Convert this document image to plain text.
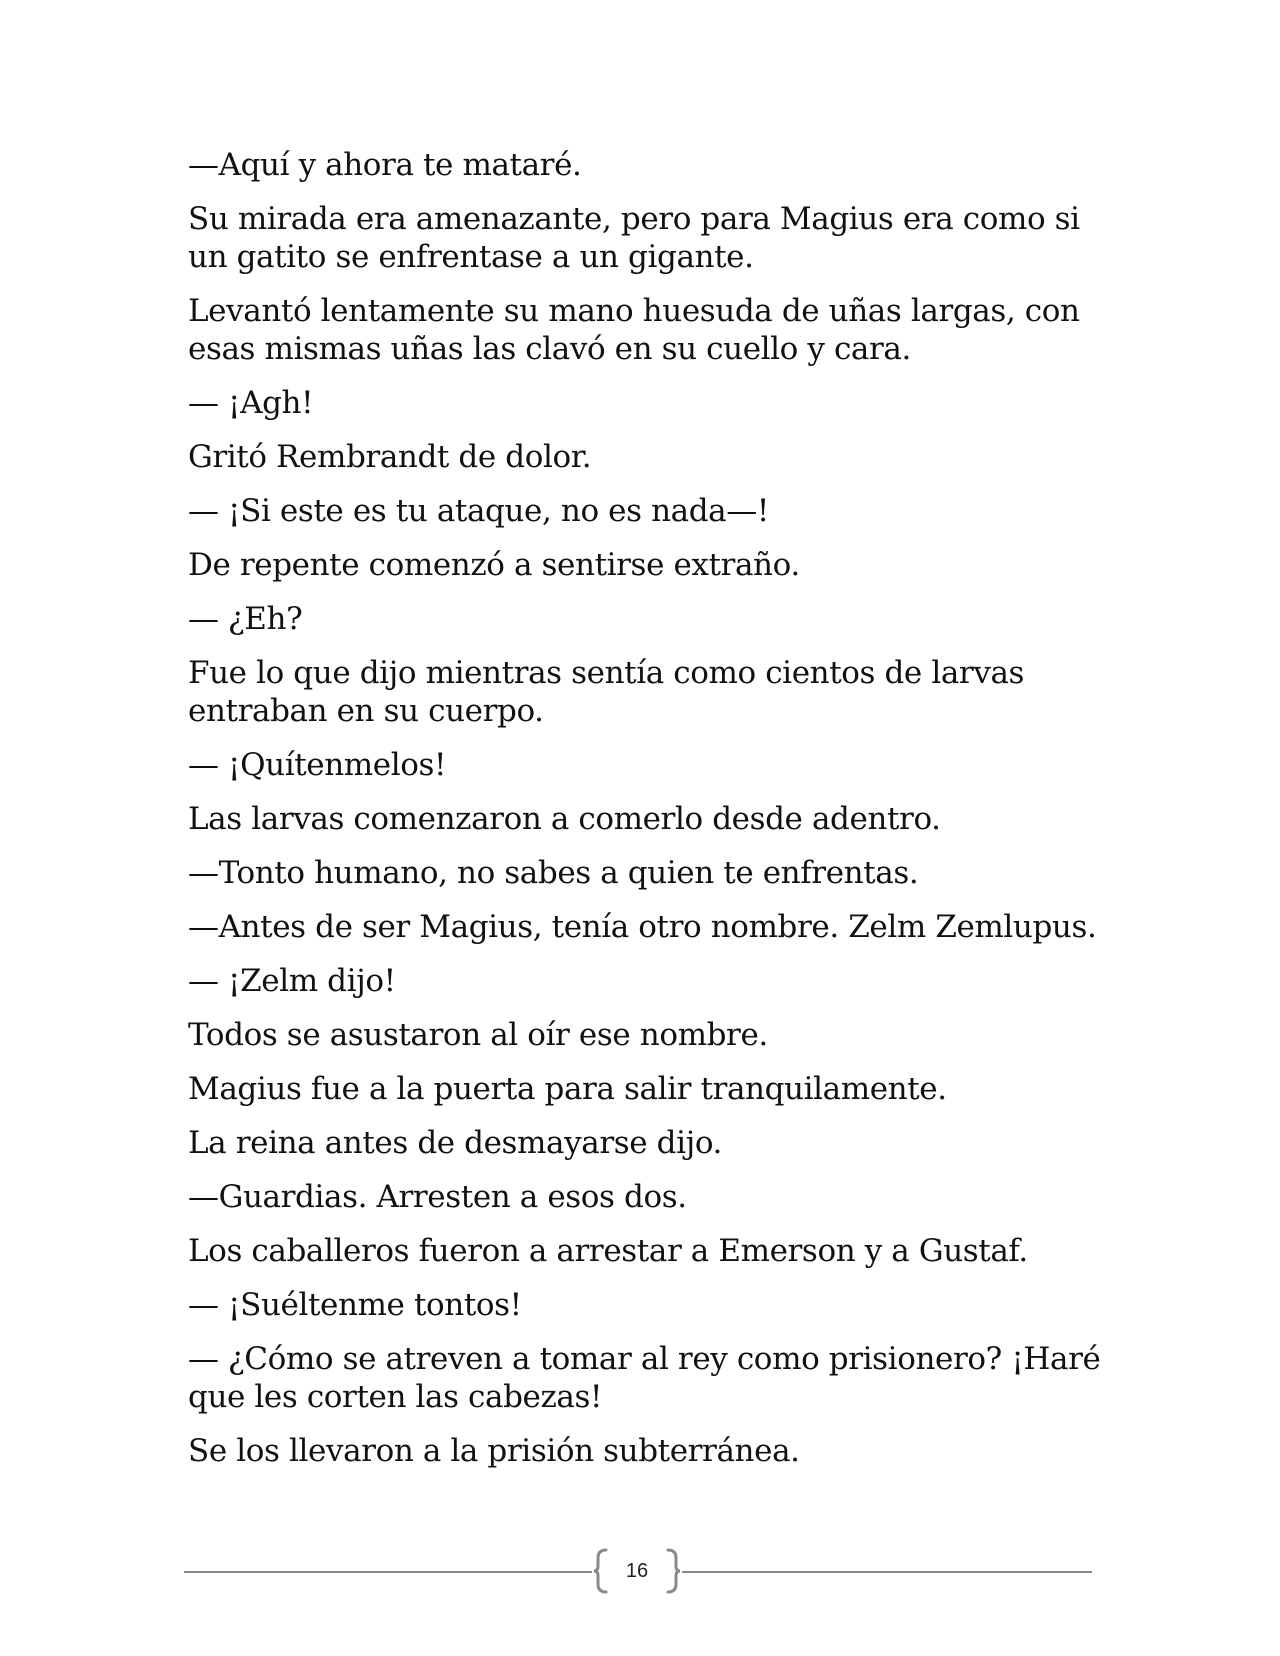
—Aquí y ahora te mataré.

Su mirada era amenazante, pero para Magius era como si un gatito se enfrentase a un gigante.

Levantó lentamente su mano huesuda de uñas largas, con esas mismas uñas las clavó en su cuello y cara.

— ¡Agh!

Gritó Rembrandt de dolor.

— ¡Si este es tu ataque, no es nada—!

De repente comenzó a sentirse extraño.

— ¿Eh?

Fue lo que dijo mientras sentía como cientos de larvas entraban en su cuerpo.

— ¡Quítenmelos!

Las larvas comenzaron a comerlo desde adentro.

—Tonto humano, no sabes a quien te enfrentas.

—Antes de ser Magius, tenía otro nombre. Zelm Zemlupus.

— ¡Zelm dijo!

Todos se asustaron al oír ese nombre.

Magius fue a la puerta para salir tranquilamente.

La reina antes de desmayarse dijo.

—Guardias. Arresten a esos dos.

Los caballeros fueron a arrestar a Emerson y a Gustaf.

— ¡Suéltenme tontos!

— ¿Cómo se atreven a tomar al rey como prisionero? ¡Haré que les corten las cabezas!

Se los llevaron a la prisión subterránea.

16
